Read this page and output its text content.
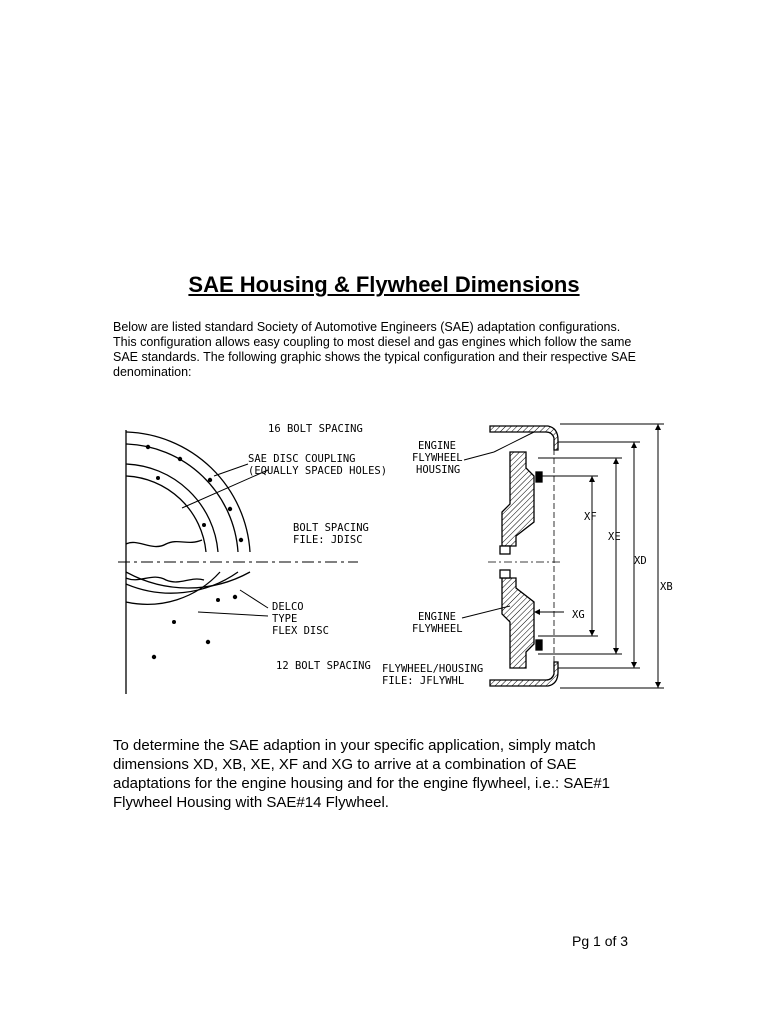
SAE Housing & Flywheel Dimensions

Below are listed standard Society of Automotive Engineers (SAE) adaptation configurations. This configuration allows easy coupling to most diesel and gas engines which follow the same SAE standards. The following graphic shows the typical configuration and their respective SAE denomination:

16 BOLT SPACING
SAE DISC COUPLING
(EQUALLY SPACED HOLES)
BOLT SPACING
FILE: JDISC
DELCO
TYPE
FLEX DISC
12 BOLT SPACING
ENGINE
FLYWHEEL
HOUSING
ENGINE
FLYWHEEL
FLYWHEEL/HOUSING
FILE: JFLYWHL
XF
XE
XD
XB
XG

To determine the SAE adaption in your specific application, simply match dimensions XD, XB, XE, XF and XG to arrive at a combination of SAE adaptations for the engine housing and for the engine flywheel, i.e.: SAE#1 Flywheel Housing with SAE#14 Flywheel.

Pg 1 of 3
